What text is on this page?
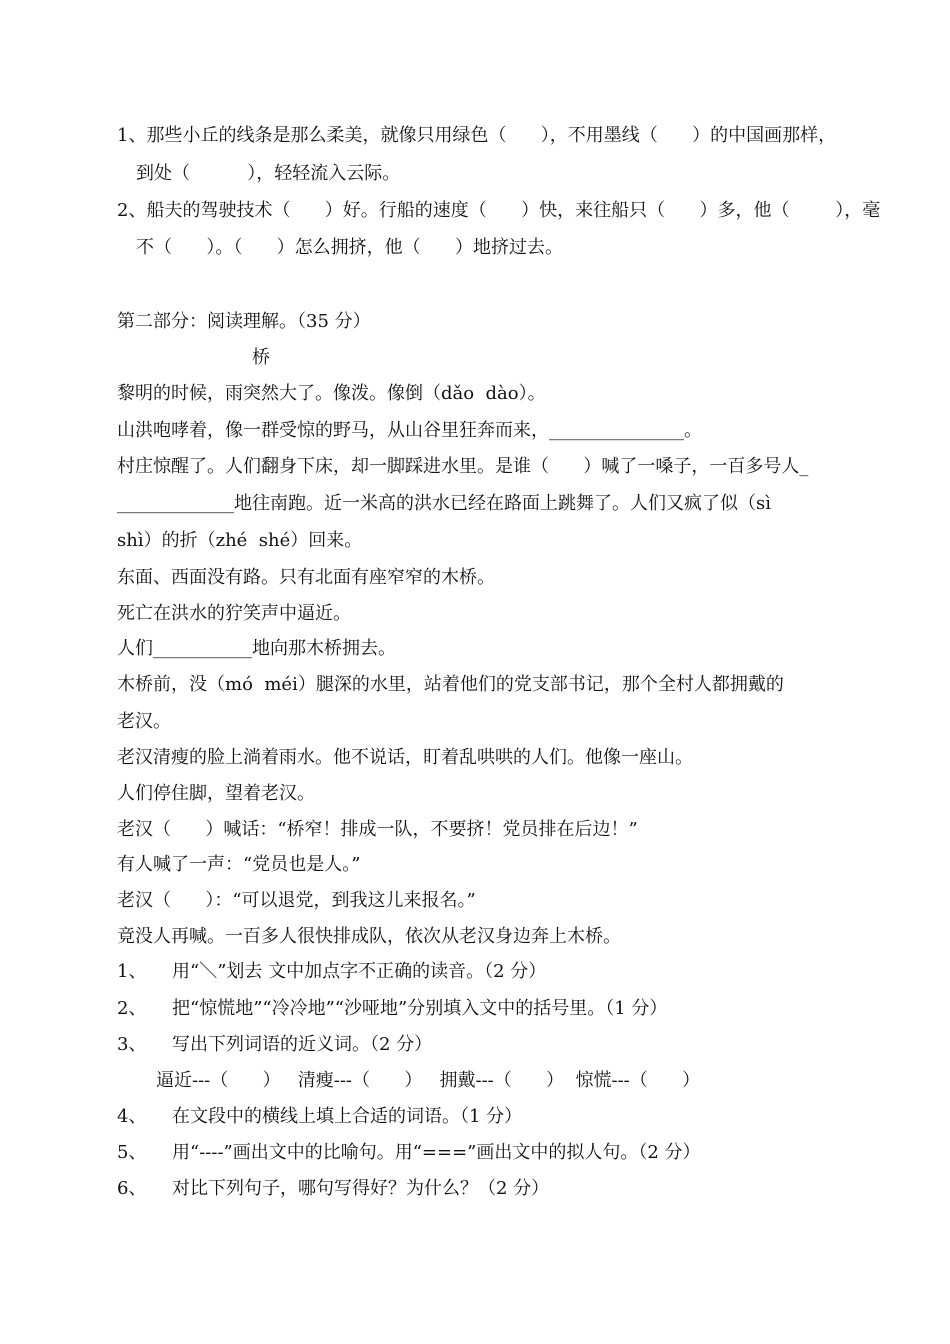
1、那些小丘的线条是那么柔美，就像只用绿色（      ），不用墨线（      ）的中国画那样，
到处（          ），轻轻流入云际。
2、船夫的驾驶技术（      ）好。行船的速度（      ）快，来往船只（      ）多，他（        ），毫
不（      ）。（      ）怎么拥挤，他（      ）地挤过去。
第二部分：阅读理解。（35 分）
桥
黎明的时候，雨突然大了。像泼。像倒（dǎo  dào）。
山洪咆哮着，像一群受惊的野马，从山谷里狂奔而来，_______________。
村庄惊醒了。人们翻身下床，却一脚踩进水里。是谁（      ）喊了一嗓子，一百多号人_
_____________地往南跑。近一米高的洪水已经在路面上跳舞了。人们又疯了似（sì
shì）的折（zhé  shé）回来。
东面、西面没有路。只有北面有座窄窄的木桥。
死亡在洪水的狞笑声中逼近。
人们___________地向那木桥拥去。
木桥前，没（mó  méi）腿深的水里，站着他们的党支部书记，那个全村人都拥戴的
老汉。
老汉清瘦的脸上淌着雨水。他不说话，盯着乱哄哄的人们。他像一座山。
人们停住脚，望着老汉。
老汉（      ）喊话：“桥窄！排成一队，不要挤！党员排在后边！”
有人喊了一声：“党员也是人。”
老汉（      ）：“可以退党，到我这儿来报名。”
竟没人再喊。一百多人很快排成队，依次从老汉身边奔上木桥。
1、 用“＼”划去 文中加点字不正确的读音。（2 分）
2、 把“惊慌地”“冷冷地”“沙哑地”分别填入文中的括号里。（1 分）
3、 写出下列词语的近义词。（2 分）
逼近---（      ）   清瘦---（      ）   拥戴---（      ）  惊慌---（      ）
4、 在文段中的横线上填上合适的词语。（1 分）
5、 用“----”画出文中的比喻句。用“===”画出文中的拟人句。（2 分）
6、 对比下列句子，哪句写得好？为什么？（2 分）
